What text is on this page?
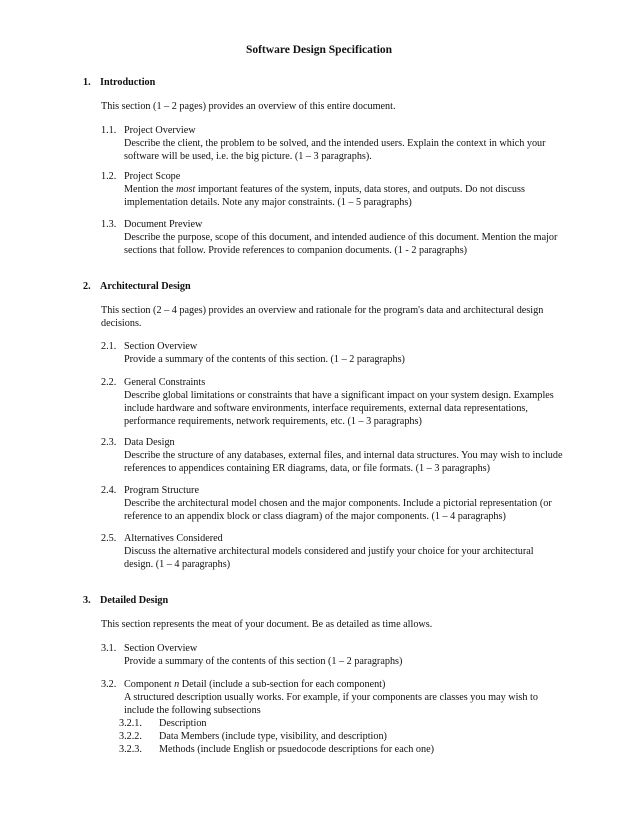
Software Design Specification
1. Introduction
This section (1 – 2 pages) provides an overview of this entire document.
1.1. Project Overview
Describe the client, the problem to be solved, and the intended users. Explain the context in which your software will be used, i.e. the big picture. (1 – 3 paragraphs).
1.2. Project Scope
Mention the most important features of the system, inputs, data stores, and outputs. Do not discuss implementation details. Note any major constraints. (1 – 5 paragraphs)
1.3. Document Preview
Describe the purpose, scope of this document, and intended audience of this document. Mention the major sections that follow. Provide references to companion documents. (1 - 2 paragraphs)
2. Architectural Design
This section (2 – 4 pages) provides an overview and rationale for the program's data and architectural design decisions.
2.1. Section Overview
Provide a summary of the contents of this section. (1 – 2 paragraphs)
2.2. General Constraints
Describe global limitations or constraints that have a significant impact on your system design. Examples include hardware and software environments, interface requirements, external data representations, performance requirements, network requirements, etc. (1 – 3 paragraphs)
2.3. Data Design
Describe the structure of any databases, external files, and internal data structures. You may wish to include references to appendices containing ER diagrams, data, or file formats. (1 – 3 paragraphs)
2.4. Program Structure
Describe the architectural model chosen and the major components. Include a pictorial representation (or reference to an appendix block or class diagram) of the major components. (1 – 4 paragraphs)
2.5. Alternatives Considered
Discuss the alternative architectural models considered and justify your choice for your architectural design. (1 – 4 paragraphs)
3. Detailed Design
This section represents the meat of your document. Be as detailed as time allows.
3.1. Section Overview
Provide a summary of the contents of this section (1 – 2 paragraphs)
3.2. Component n Detail (include a sub-section for each component)
A structured description usually works. For example, if your components are classes you may wish to include the following subsections
3.2.1.	Description
3.2.2.	Data Members (include type, visibility, and description)
3.2.3.	Methods (include English or psuedocode descriptions for each one)
